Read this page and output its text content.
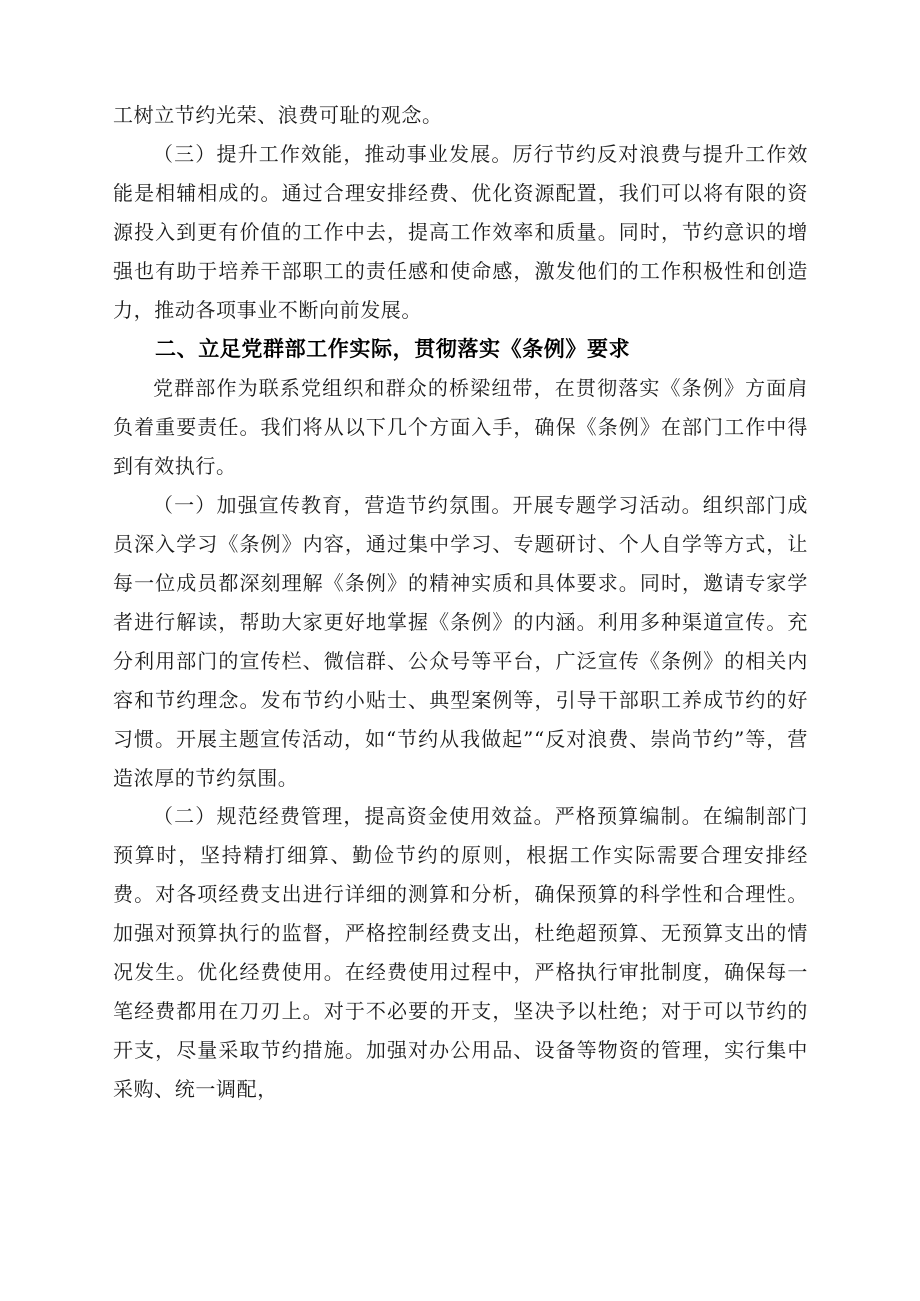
工树立节约光荣、浪费可耻的观念。

（三）提升工作效能，推动事业发展。厉行节约反对浪费与提升工作效能是相辅相成的。通过合理安排经费、优化资源配置，我们可以将有限的资源投入到更有价值的工作中去，提高工作效率和质量。同时，节约意识的增强也有助于培养干部职工的责任感和使命感，激发他们的工作积极性和创造力，推动各项事业不断向前发展。

二、立足党群部工作实际，贯彻落实《条例》要求

党群部作为联系党组织和群众的桥梁纽带，在贯彻落实《条例》方面肩负着重要责任。我们将从以下几个方面入手，确保《条例》在部门工作中得到有效执行。

（一）加强宣传教育，营造节约氛围。开展专题学习活动。组织部门成员深入学习《条例》内容，通过集中学习、专题研讨、个人自学等方式，让每一位成员都深刻理解《条例》的精神实质和具体要求。同时，邀请专家学者进行解读，帮助大家更好地掌握《条例》的内涵。利用多种渠道宣传。充分利用部门的宣传栏、微信群、公众号等平台，广泛宣传《条例》的相关内容和节约理念。发布节约小贴士、典型案例等，引导干部职工养成节约的好习惯。开展主题宣传活动，如“节约从我做起”“反对浪费、崇尚节约”等，营造浓厚的节约氛围。

（二）规范经费管理，提高资金使用效益。严格预算编制。在编制部门预算时，坚持精打细算、勤俭节约的原则，根据工作实际需要合理安排经费。对各项经费支出进行详细的测算和分析，确保预算的科学性和合理性。加强对预算执行的监督，严格控制经费支出，杜绝超预算、无预算支出的情况发生。优化经费使用。在经费使用过程中，严格执行审批制度，确保每一笔经费都用在刀刃上。对于不必要的开支，坚决予以杜绝；对于可以节约的开支，尽量采取节约措施。加强对办公用品、设备等物资的管理，实行集中采购、统一调配，
